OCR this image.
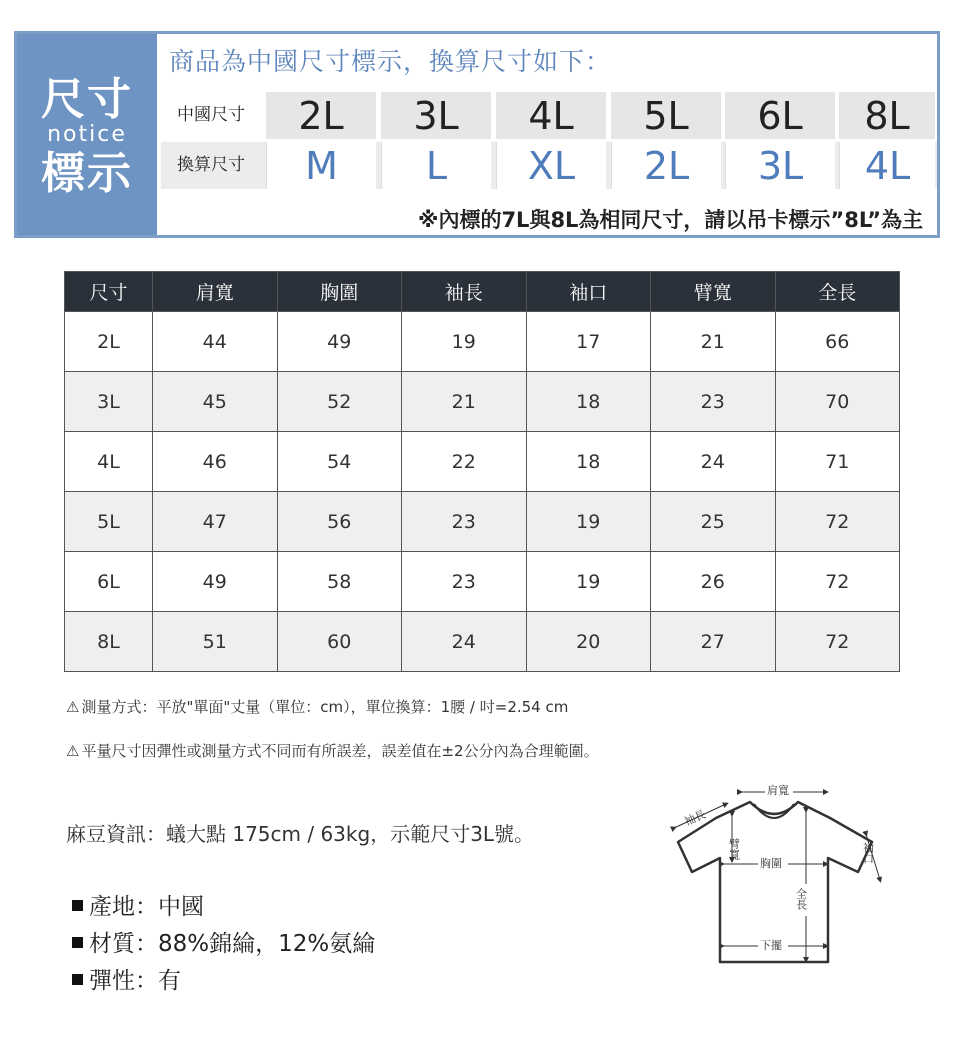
尺寸
notice
標示
商品為中國尺寸標示，換算尺寸如下：
中國尺寸	2L	3L	4L	5L	6L	8L
換算尺寸	M	L	XL	2L	3L	4L
※內標的7L與8L為相同尺寸，請以吊卡標示”8L”為主
尺寸	肩寬	胸圍	袖長	袖口	臂寬	全長
2L	44	49	19	17	21	66
3L	45	52	21	18	23	70
4L	46	54	22	18	24	71
5L	47	56	23	19	25	72
6L	49	58	23	19	26	72
8L	51	60	24	20	27	72
⚠ 測量方式：平放"單面"丈量（單位：cm），單位換算：1腰 / 吋=2.54 cm
⚠ 平量尺寸因彈性或測量方式不同而有所誤差，誤差值在±2公分內為合理範圍。
麻豆資訊：蟻大點 175cm / 63kg，示範尺寸3L號。
產地：中國
材質：88%錦綸，12%氨綸
彈性：有
肩寬
袖長
臂寬
胸圍
全長
袖口
下擺
